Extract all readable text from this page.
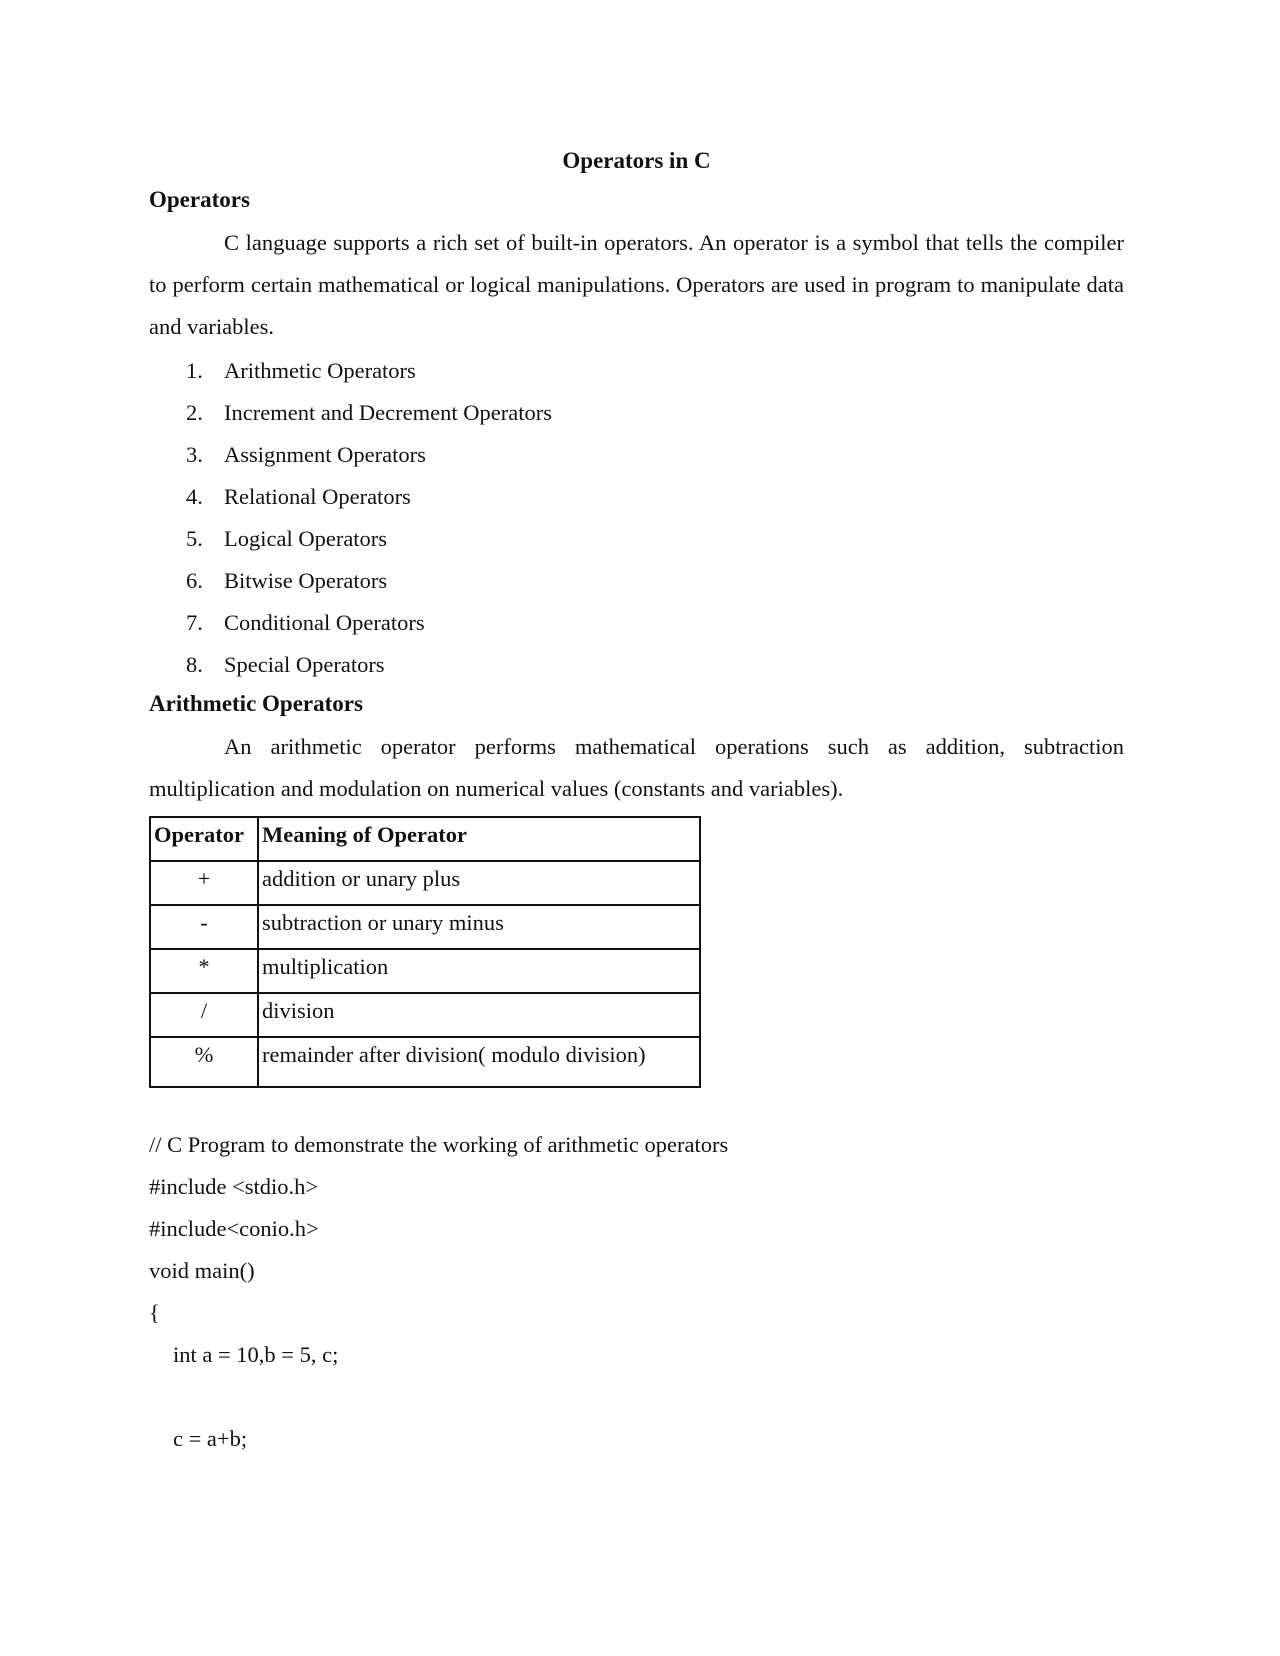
Operators in C
Operators
C language supports a rich set of built-in operators. An operator is a symbol that tells the compiler to perform certain mathematical or logical manipulations. Operators are used in program to manipulate data and variables.
1. Arithmetic Operators
2. Increment and Decrement Operators
3. Assignment Operators
4. Relational Operators
5. Logical Operators
6. Bitwise Operators
7. Conditional Operators
8. Special Operators
Arithmetic Operators
An arithmetic operator performs mathematical operations such as addition, subtraction multiplication and modulation on numerical values (constants and variables).
Operator	Meaning of Operator
+	addition or unary plus
-	subtraction or unary minus
*	multiplication
/	division
%	remainder after division( modulo division)
// C Program to demonstrate the working of arithmetic operators
#include <stdio.h>
#include<conio.h>
void main()
{
int a = 10,b = 5, c;
c = a+b;
